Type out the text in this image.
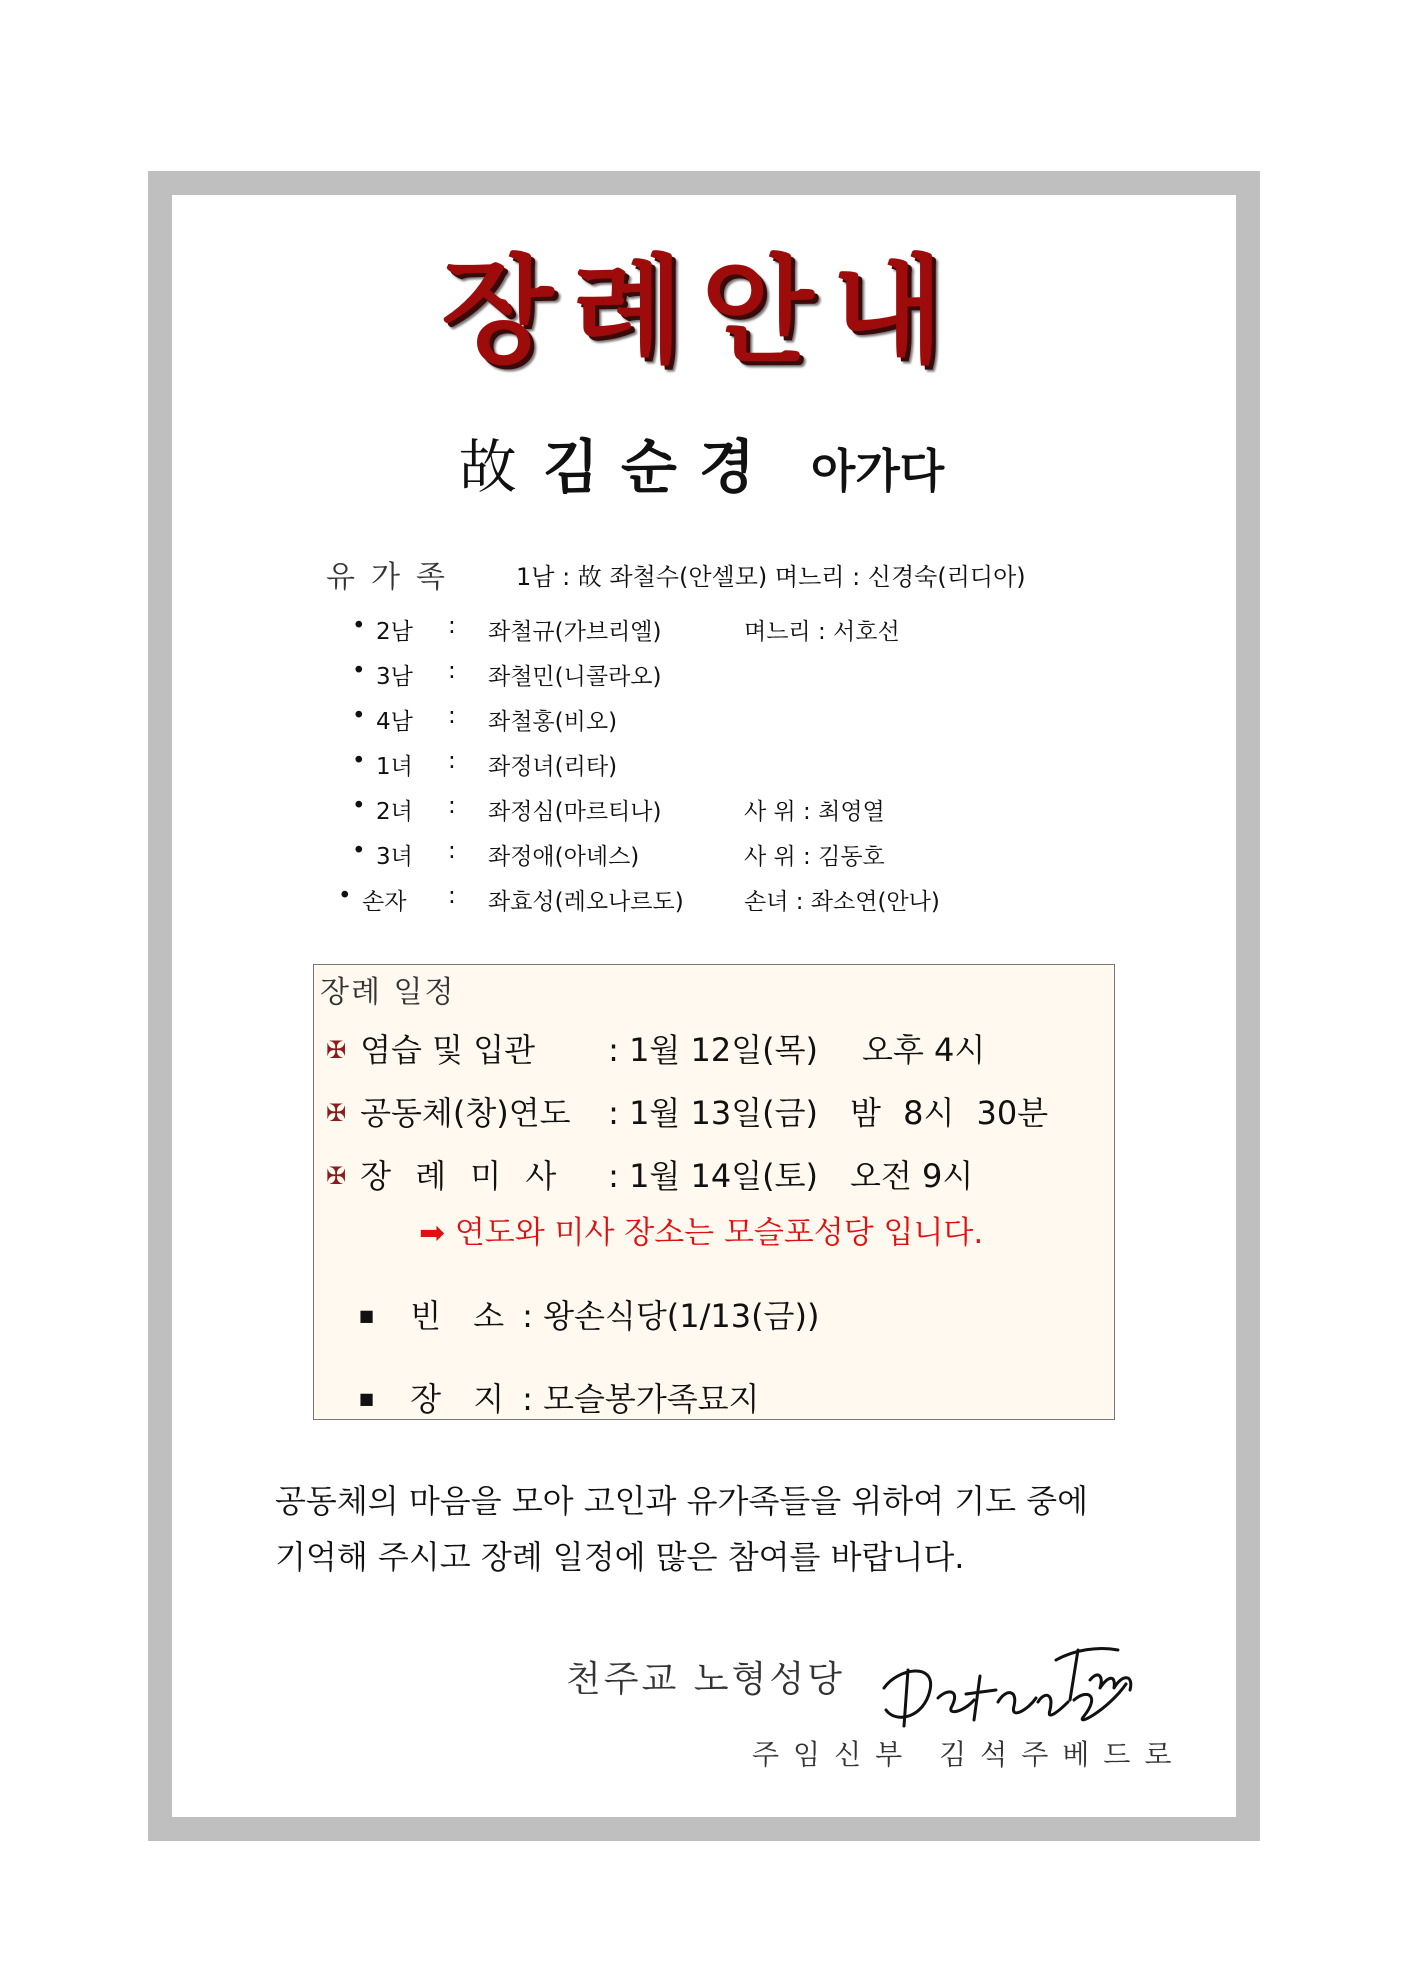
장례안내
故 김순경 아가다
유가족 1남 : 故 좌철수(안셀모) 며느리 : 신경숙(리디아)
• 2남 : 좌철규(가브리엘)	며느리 : 서호선
• 3남 : 좌철민(니콜라오)
• 4남 : 좌철홍(비오)
• 1녀 : 좌정녀(리타)
• 2녀 : 좌정심(마르티나)	사 위 : 최영열
• 3녀 : 좌정애(아녜스)	사 위 : 김동호
• 손자 : 좌효성(레오나르도)	손녀 : 좌소연(안나)
장례 일정
✠ 염습 및 입관 : 1월 12일(목) 오후 4시
✠ 공동체(창)연도 : 1월 13일(금) 밤 8시 30분
✠ 장 례 미 사 : 1월 14일(토) 오전 9시
➡ 연도와 미사 장소는 모슬포성당 입니다.
■ 빈 소 : 왕손식당(1/13(금))
■ 장 지 : 모슬봉가족묘지
공동체의 마음을 모아 고인과 유가족들을 위하여 기도 중에
기억해 주시고 장례 일정에 많은 참여를 바랍니다.
천주교 노형성당
주임신부 김석주베드로
